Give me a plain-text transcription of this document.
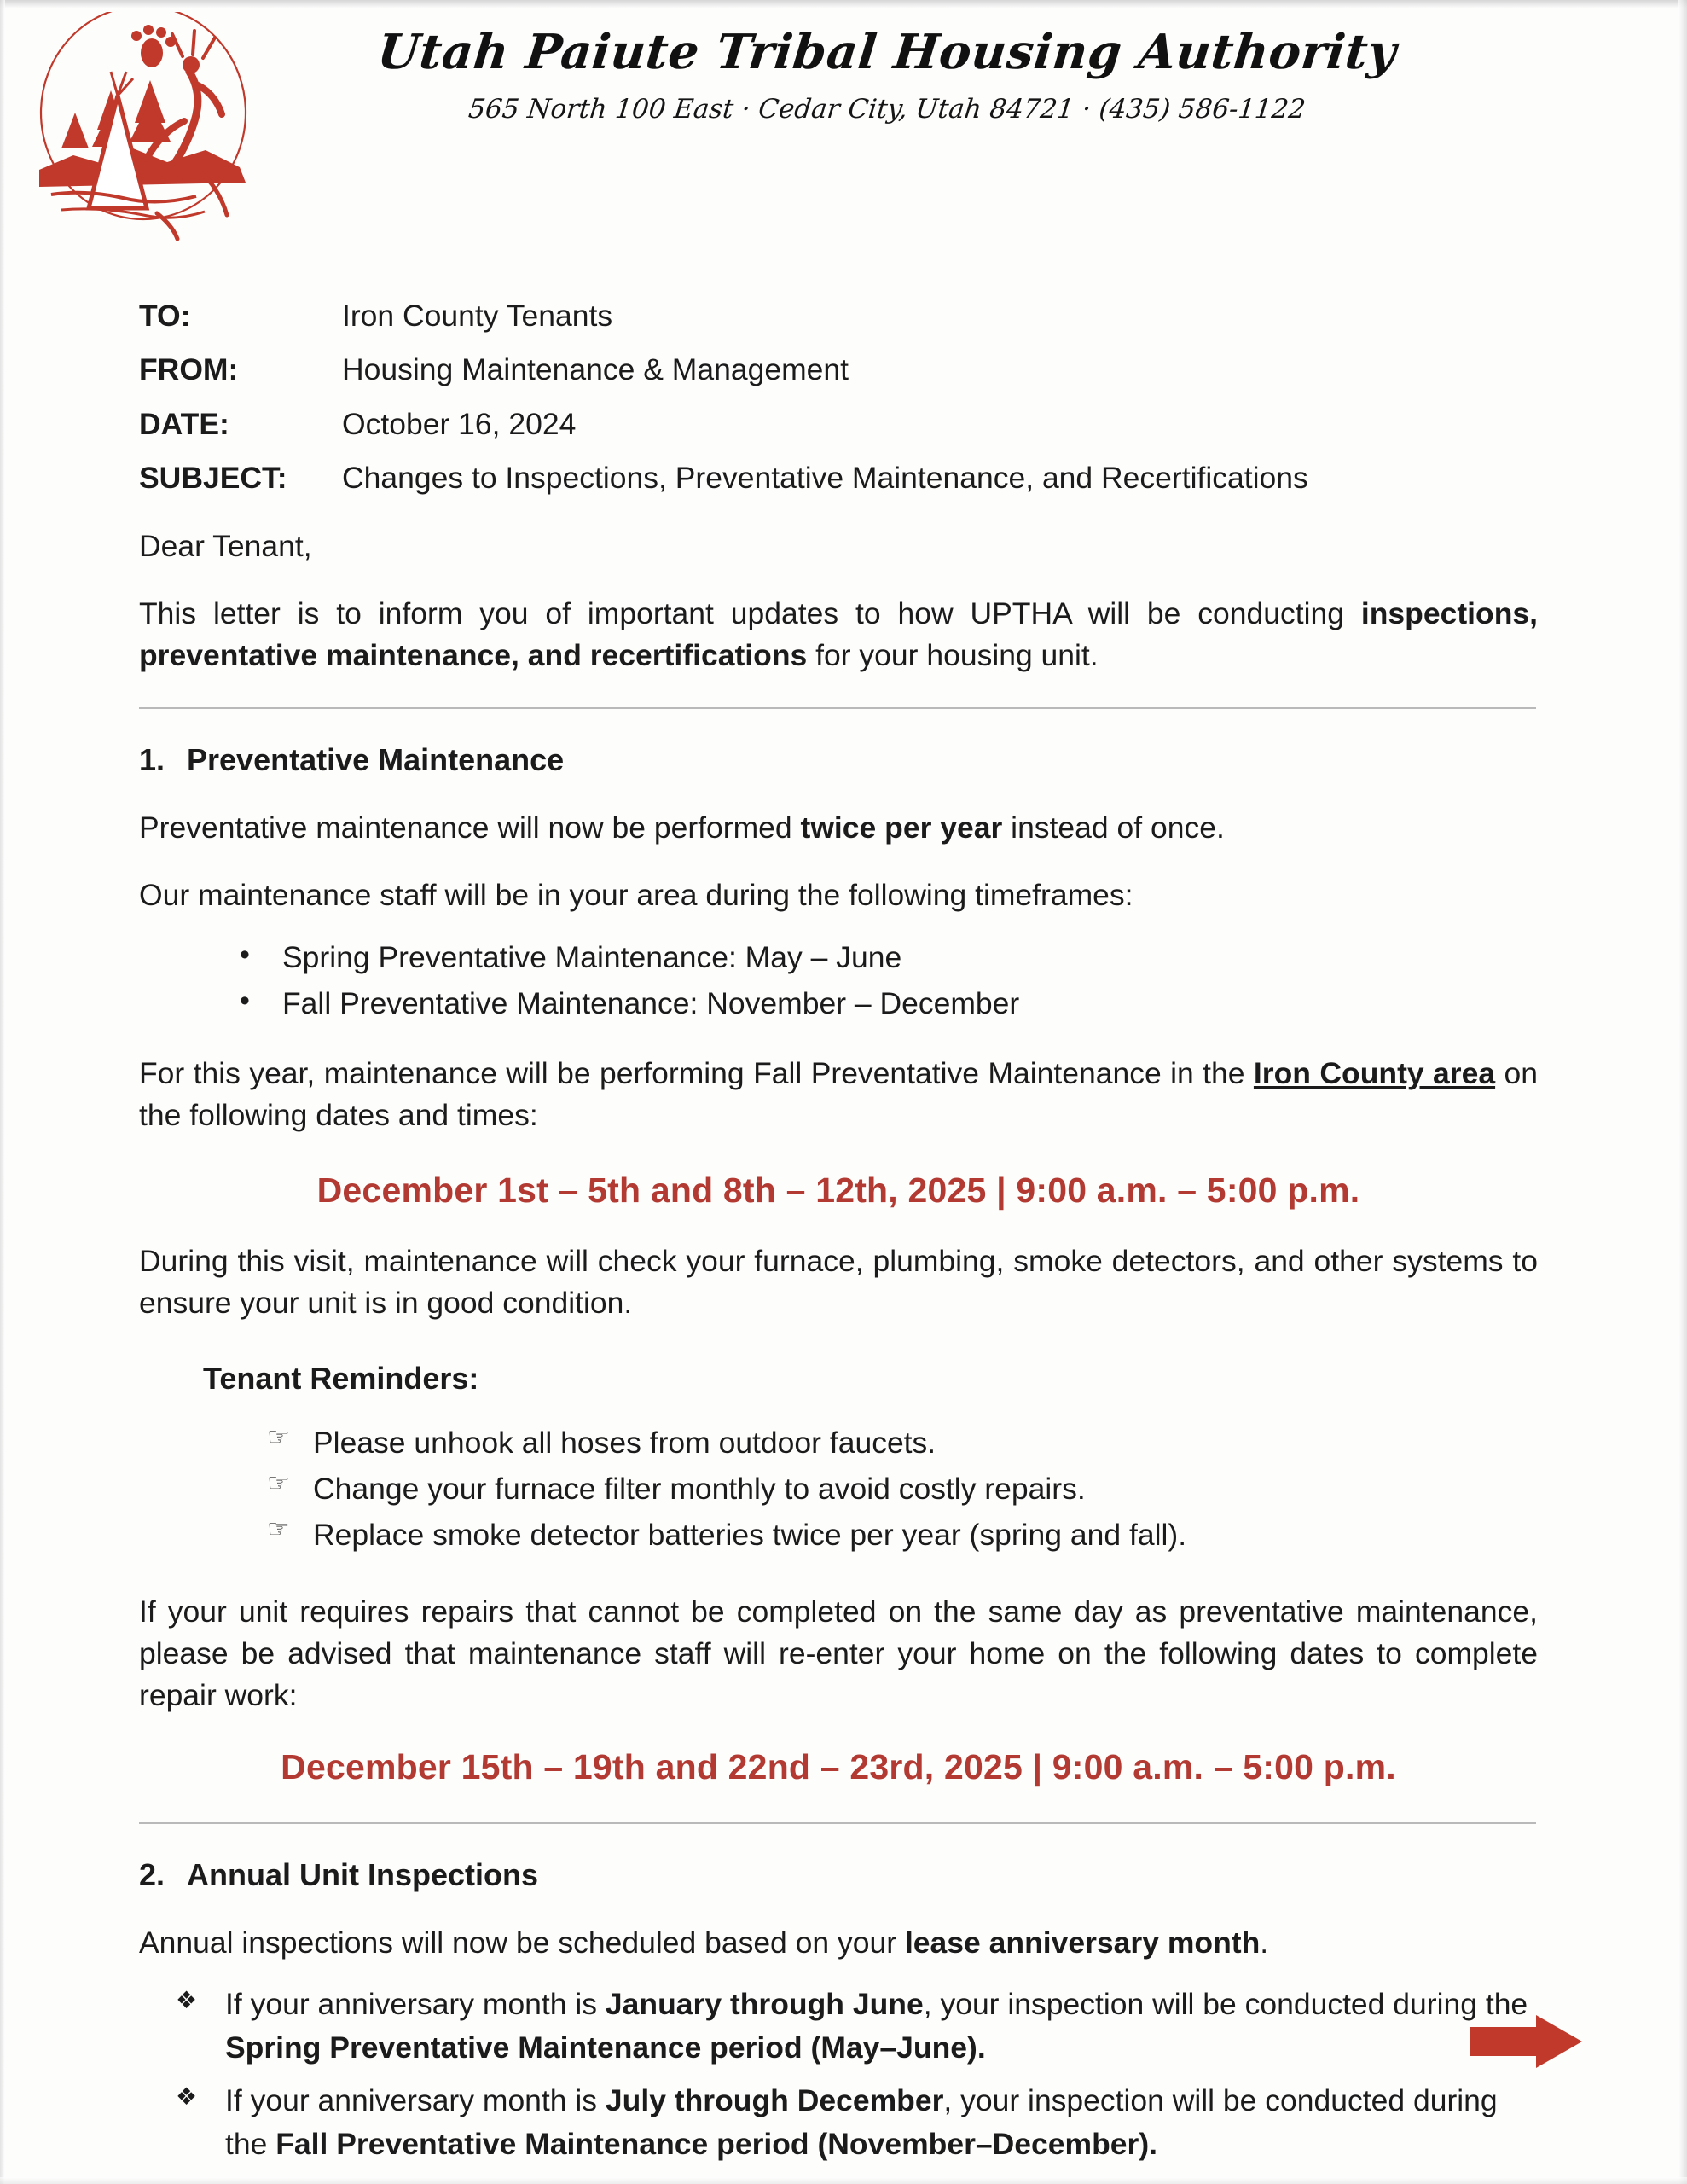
Utah Paiute Tribal Housing Authority
565 North 100 East · Cedar City, Utah 84721 · (435) 586-1122
TO:	Iron County Tenants
FROM:	Housing Maintenance & Management
DATE:	October 16, 2024
SUBJECT:	Changes to Inspections, Preventative Maintenance, and Recertifications
Dear Tenant,
This letter is to inform you of important updates to how UPTHA will be conducting inspections, preventative maintenance, and recertifications for your housing unit.
1. Preventative Maintenance
Preventative maintenance will now be performed twice per year instead of once.
Our maintenance staff will be in your area during the following timeframes:
• Spring Preventative Maintenance: May – June
• Fall Preventative Maintenance: November – December
For this year, maintenance will be performing Fall Preventative Maintenance in the Iron County area on the following dates and times:
December 1st – 5th and 8th – 12th, 2025 | 9:00 a.m. – 5:00 p.m.
During this visit, maintenance will check your furnace, plumbing, smoke detectors, and other systems to ensure your unit is in good condition.
Tenant Reminders:
☞ Please unhook all hoses from outdoor faucets.
☞ Change your furnace filter monthly to avoid costly repairs.
☞ Replace smoke detector batteries twice per year (spring and fall).
If your unit requires repairs that cannot be completed on the same day as preventative maintenance, please be advised that maintenance staff will re-enter your home on the following dates to complete repair work:
December 15th – 19th and 22nd – 23rd, 2025 | 9:00 a.m. – 5:00 p.m.
2. Annual Unit Inspections
Annual inspections will now be scheduled based on your lease anniversary month.
❖ If your anniversary month is January through June, your inspection will be conducted during the Spring Preventative Maintenance period (May–June).
❖ If your anniversary month is July through December, your inspection will be conducted during the Fall Preventative Maintenance period (November–December).
